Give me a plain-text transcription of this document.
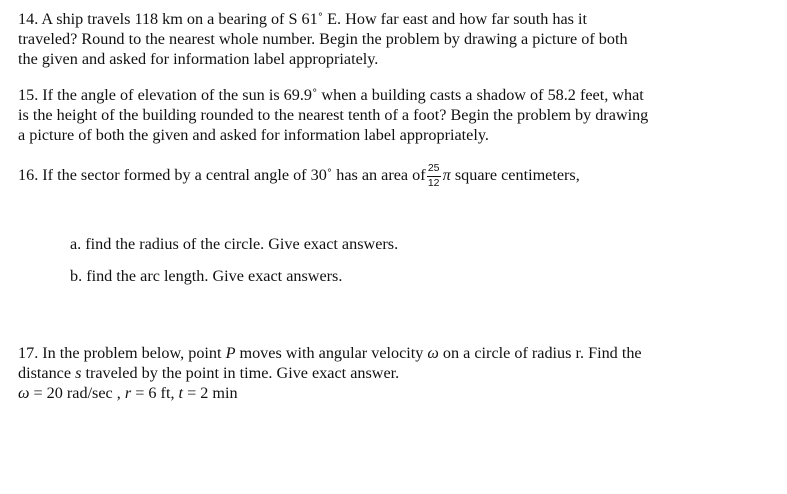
14. A ship travels 118 km on a bearing of S 61˚ E. How far east and how far south has it
traveled? Round to the nearest whole number. Begin the problem by drawing a picture of both
the given and asked for information label appropriately.
15. If the angle of elevation of the sun is 69.9˚ when a building casts a shadow of 58.2 feet, what
is the height of the building rounded to the nearest tenth of a foot? Begin the problem by drawing
a picture of both the given and asked for information label appropriately.
16. If the sector formed by a central angle of 30˚ has an area of $\frac{25}{12}$ π square centimeters,
a. find the radius of the circle. Give exact answers.
b. find the arc length. Give exact answers.
17. In the problem below, point P moves with angular velocity ω on a circle of radius r. Find the
distance s traveled by the point in time. Give exact answer.
ω = 20 rad/sec , r = 6 ft, t = 2 min
